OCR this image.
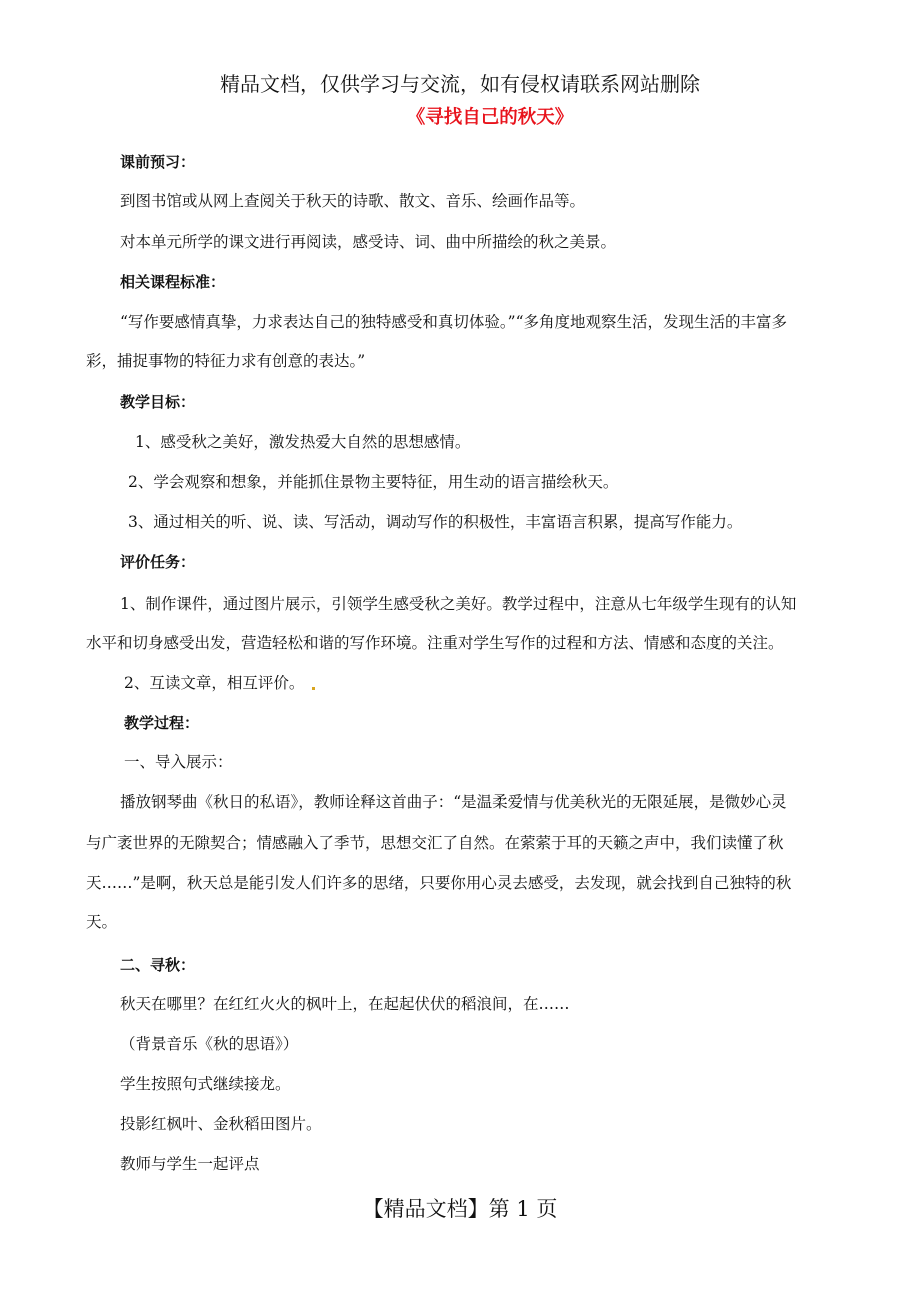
精品文档，仅供学习与交流，如有侵权请联系网站删除
《寻找自己的秋天》
课前预习：
到图书馆或从网上查阅关于秋天的诗歌、散文、音乐、绘画作品等。
对本单元所学的课文进行再阅读，感受诗、词、曲中所描绘的秋之美景。
相关课程标准：
“写作要感情真挚，力求表达自己的独特感受和真切体验。”“多角度地观察生活，发现生活的丰富多
彩，捕捉事物的特征力求有创意的表达。”
教学目标：
1、感受秋之美好，激发热爱大自然的思想感情。
2、学会观察和想象，并能抓住景物主要特征，用生动的语言描绘秋天。
3、通过相关的听、说、读、写活动，调动写作的积极性，丰富语言积累，提高写作能力。
评价任务：
1、制作课件，通过图片展示，引领学生感受秋之美好。教学过程中，注意从七年级学生现有的认知
水平和切身感受出发，营造轻松和谐的写作环境。注重对学生写作的过程和方法、情感和态度的关注。
2、互读文章，相互评价。
教学过程：
一、导入展示：
播放钢琴曲《秋日的私语》，教师诠释这首曲子：“是温柔爱情与优美秋光的无限延展，是微妙心灵
与广袤世界的无隙契合；情感融入了季节，思想交汇了自然。在萦萦于耳的天籁之声中，我们读懂了秋
天……”是啊，秋天总是能引发人们许多的思绪，只要你用心灵去感受，去发现，就会找到自己独特的秋
天。
二、寻秋：
秋天在哪里？在红红火火的枫叶上，在起起伏伏的稻浪间，在……
（背景音乐《秋的思语》）
学生按照句式继续接龙。
投影红枫叶、金秋稻田图片。
教师与学生一起评点
【精品文档】第 1 页
